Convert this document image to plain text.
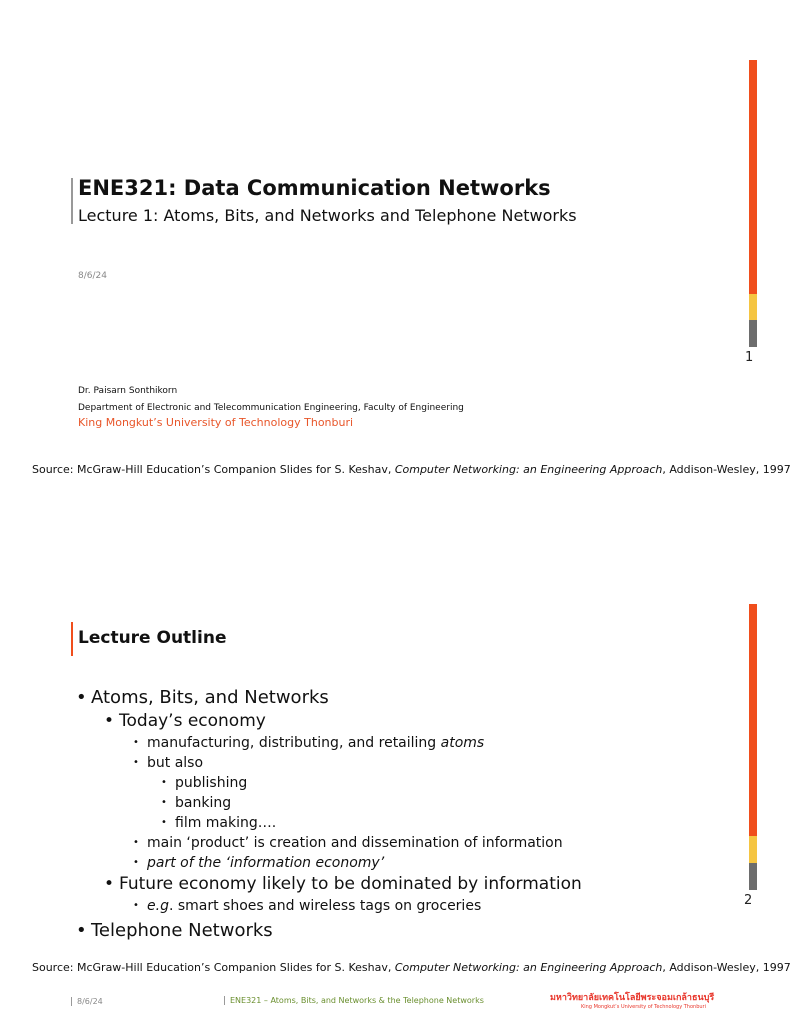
ENE321: Data Communication Networks
Lecture 1: Atoms, Bits, and Networks and Telephone Networks
8/6/24
Dr. Paisarn Sonthikorn
Department of Electronic and Telecommunication Engineering, Faculty of Engineering
King Mongkut’s University of Technology Thonburi
1
Source: McGraw-Hill Education’s Companion Slides for S. Keshav, Computer Networking: an Engineering Approach, Addison-Wesley, 1997
Lecture Outline
• Atoms, Bits, and Networks
• Today’s economy
• manufacturing, distributing, and retailing atoms
• but also
• publishing
• banking
• film making….
• main ‘product’ is creation and dissemination of information
• part of the ‘information economy’
• Future economy likely to be dominated by information
• e.g. smart shoes and wireless tags on groceries
• Telephone Networks
2
Source: McGraw-Hill Education’s Companion Slides for S. Keshav, Computer Networking: an Engineering Approach, Addison-Wesley, 1997
8/6/24	ENE321 – Atoms, Bits, and Networks & the Telephone Networks	มหาวิทยาลัยเทคโนโลยีพระจอมเกล้าธนบุรี
King Mongkut’s University of Technology Thonburi
